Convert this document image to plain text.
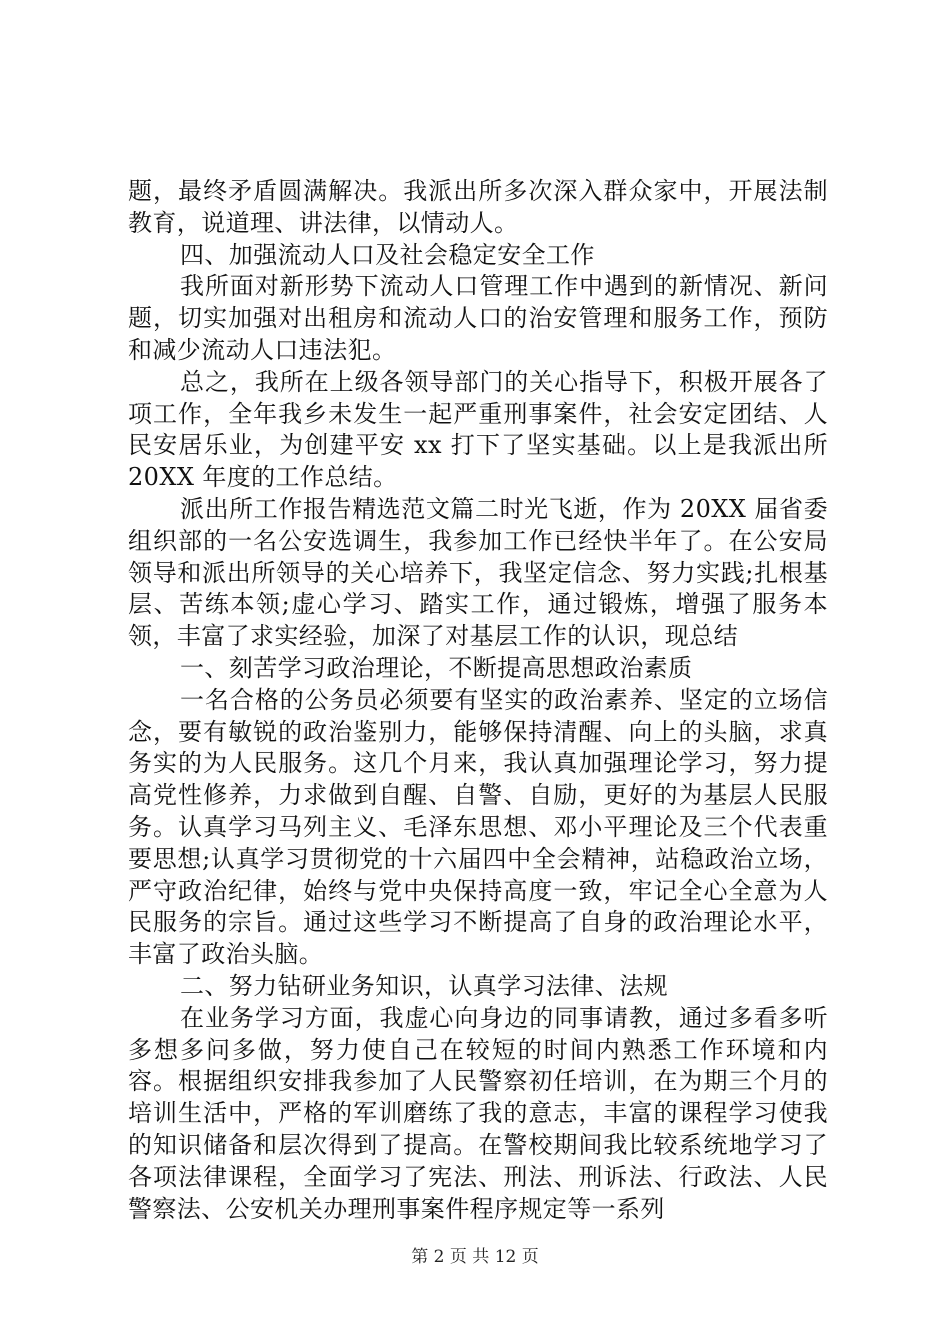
题，最终矛盾圆满解决。我派出所多次深入群众家中，开展法制教育，说道理、讲法律，以情动人。

四、加强流动人口及社会稳定安全工作

我所面对新形势下流动人口管理工作中遇到的新情况、新问题，切实加强对出租房和流动人口的治安管理和服务工作，预防和减少流动人口违法犯。

总之，我所在上级各领导部门的关心指导下，积极开展各了项工作，全年我乡未发生一起严重刑事案件，社会安定团结、人民安居乐业，为创建平安 xx 打下了坚实基础。以上是我派出所 20XX 年度的工作总结。

派出所工作报告精选范文篇二时光飞逝，作为 20XX 届省委组织部的一名公安选调生，我参加工作已经快半年了。在公安局领导和派出所领导的关心培养下，我坚定信念、努力实践;扎根基层、苦练本领;虚心学习、踏实工作，通过锻炼，增强了服务本领，丰富了求实经验，加深了对基层工作的认识，现总结

一、刻苦学习政治理论，不断提高思想政治素质

一名合格的公务员必须要有坚实的政治素养、坚定的立场信念，要有敏锐的政治鉴别力，能够保持清醒、向上的头脑，求真务实的为人民服务。这几个月来，我认真加强理论学习，努力提高党性修养，力求做到自醒、自警、自励，更好的为基层人民服务。认真学习马列主义、毛泽东思想、邓小平理论及三个代表重要思想;认真学习贯彻党的十六届四中全会精神，站稳政治立场，严守政治纪律，始终与党中央保持高度一致，牢记全心全意为人民服务的宗旨。通过这些学习不断提高了自身的政治理论水平，丰富了政治头脑。

二、努力钻研业务知识，认真学习法律、法规

在业务学习方面，我虚心向身边的同事请教，通过多看多听多想多问多做，努力使自己在较短的时间内熟悉工作环境和内容。根据组织安排我参加了人民警察初任培训，在为期三个月的培训生活中，严格的军训磨练了我的意志，丰富的课程学习使我的知识储备和层次得到了提高。在警校期间我比较系统地学习了各项法律课程，全面学习了宪法、刑法、刑诉法、行政法、人民警察法、公安机关办理刑事案件程序规定等一系列

第 2 页 共 12 页
